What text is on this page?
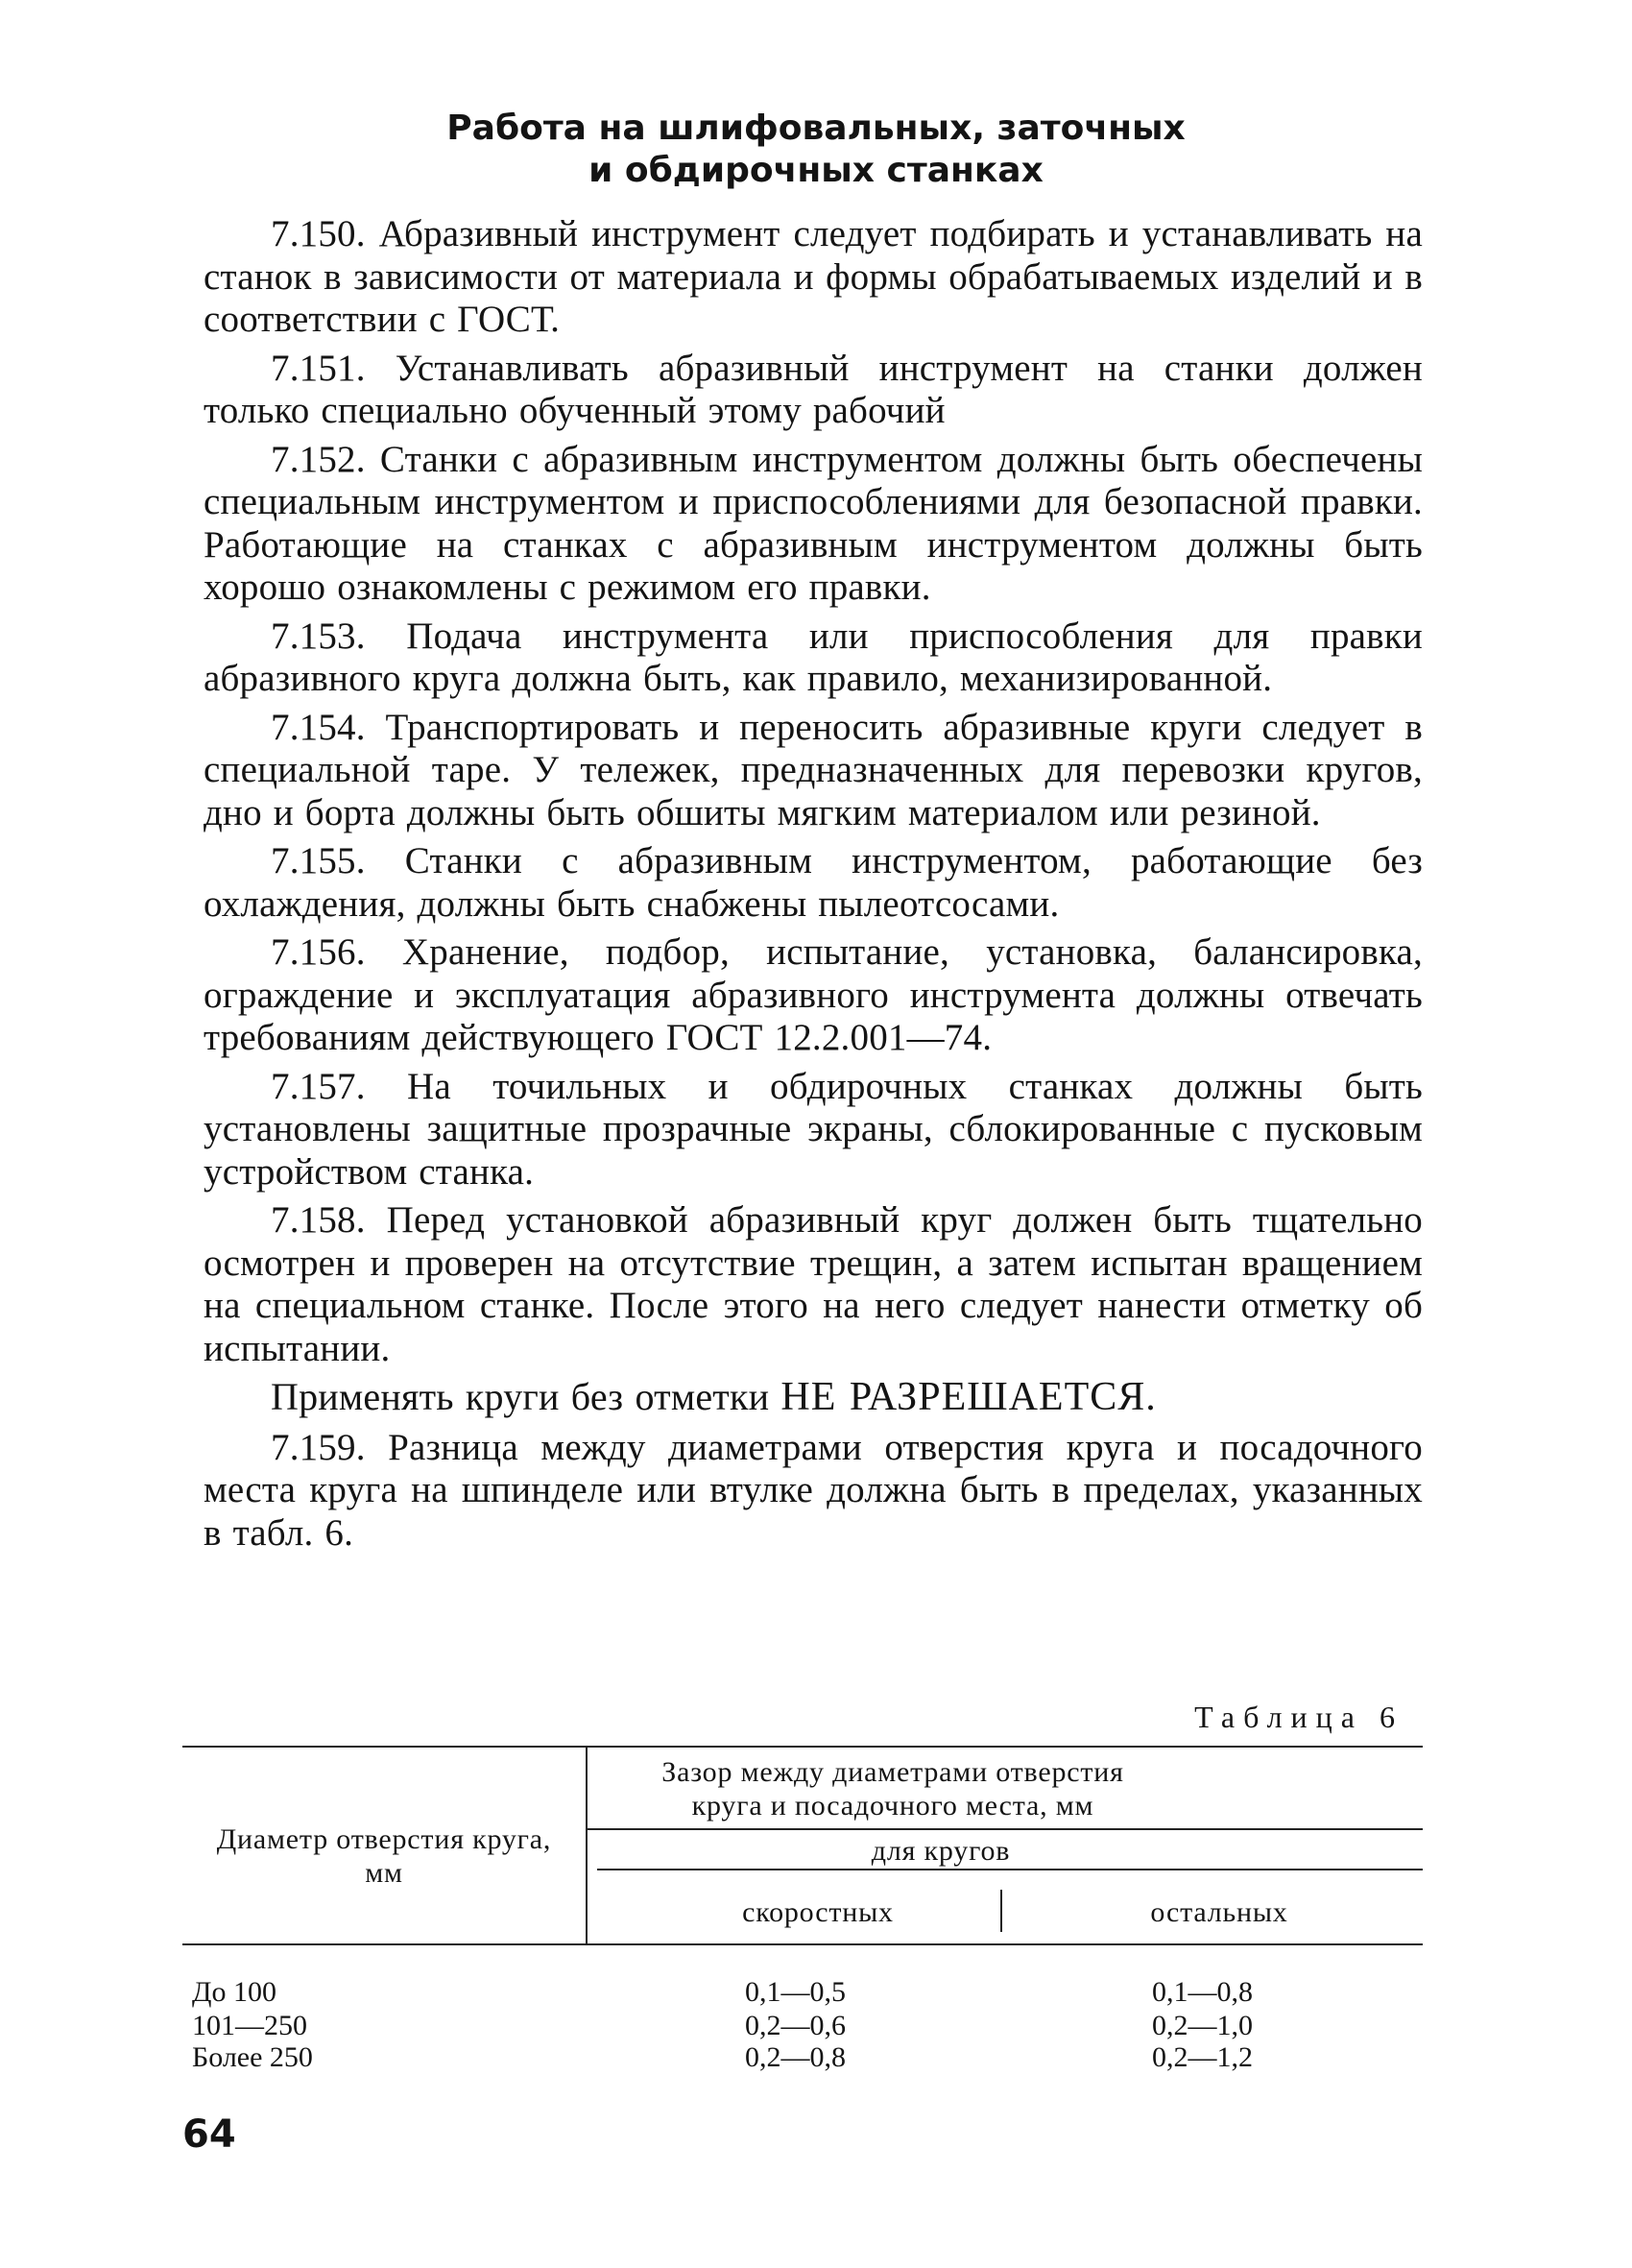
Работа на шлифовальных, заточных
и обдирочных станках

7.150. Абразивный инструмент следует подбирать и устанавливать на станок в зависимости от материала и формы обрабатываемых изделий и в соответствии с ГОСТ.

7.151. Устанавливать абразивный инструмент на станки должен только специально обученный этому рабочий

7.152. Станки с абразивным инструментом должны быть обеспечены специальным инструментом и приспособлениями для безопасной правки. Работающие на станках с абразивным инструментом должны быть хорошо ознакомлены с режимом его правки.

7.153. Подача инструмента или приспособления для правки абразивного круга должна быть, как правило, механизированной.

7.154. Транспортировать и переносить абразивные круги следует в специальной таре. У тележек, предназначенных для перевозки кругов, дно и борта должны быть обшиты мягким материалом или резиной.

7.155. Станки с абразивным инструментом, работающие без охлаждения, должны быть снабжены пылеотсосами.

7.156. Хранение, подбор, испытание, установка, балансировка, ограждение и эксплуатация абразивного инструмента должны отвечать требованиям действующего ГОСТ 12.2.001—74.

7.157. На точильных и обдирочных станках должны быть установлены защитные прозрачные экраны, сблокированные с пусковым устройством станка.

7.158. Перед установкой абразивный круг должен быть тщательно осмотрен и проверен на отсутствие трещин, а затем испытан вращением на специальном станке. После этого на него следует нанести отметку об испытании.

Применять круги без отметки НЕ РАЗРЕШАЕТСЯ.

7.159. Разница между диаметрами отверстия круга и посадочного места круга на шпинделе или втулке должна быть в пределах, указанных в табл. 6.

Таблица 6
Диаметр отверстия круга, мм
Зазор между диаметрами отверстия круга и посадочного места, мм
для кругов
скоростных	остальных
До 100	0,1—0,5	0,1—0,8
101—250	0,2—0,6	0,2—1,0
Более 250	0,2—0,8	0,2—1,2
64
